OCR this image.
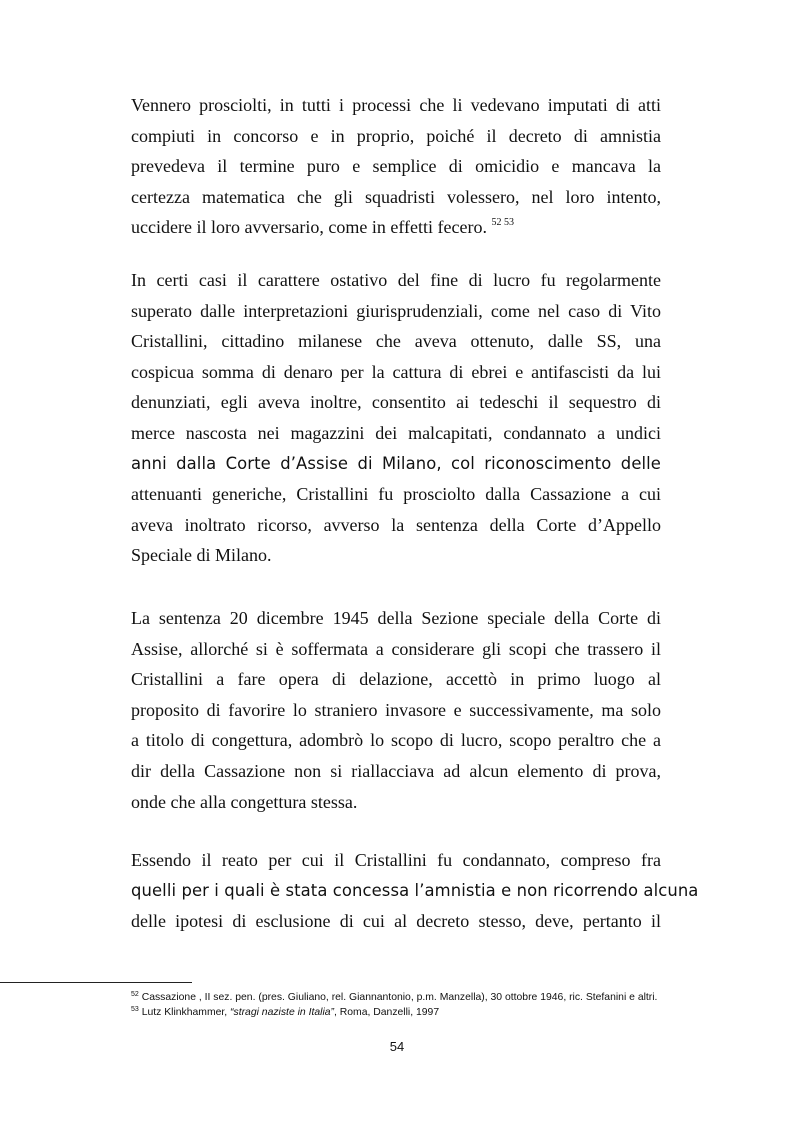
Vennero prosciolti, in tutti i processi che li vedevano imputati di atti
compiuti in concorso e in proprio, poiché il decreto di amnistia
prevedeva il termine puro e semplice di omicidio e mancava la
certezza matematica che gli squadristi volessero, nel loro intento,
uccidere il loro avversario, come in effetti fecero. $^{52 53}$
In certi casi il carattere ostativo del fine di lucro fu regolarmente
superato dalle interpretazioni giurisprudenziali, come nel caso di Vito
Cristallini, cittadino milanese che aveva ottenuto, dalle SS, una
cospicua somma di denaro per la cattura di ebrei e antifascisti da lui
denunziati, egli aveva inoltre, consentito ai tedeschi il sequestro di
merce nascosta nei magazzini dei malcapitati, condannato a undici
anni dalla Corte d’Assise di Milano, col riconoscimento delle
attenuanti generiche, Cristallini fu prosciolto dalla Cassazione a cui
aveva inoltrato ricorso, avverso la sentenza della Corte d’Appello
Speciale di Milano.
La sentenza 20 dicembre 1945 della Sezione speciale della Corte di
Assise, allorché si è soffermata a considerare gli scopi che trassero il
Cristallini a fare opera di delazione, accettò in primo luogo al
proposito di favorire lo straniero invasore e successivamente, ma solo
a titolo di congettura, adombrò lo scopo di lucro, scopo peraltro che a
dir della Cassazione non si riallacciava ad alcun elemento di prova,
onde che alla congettura stessa.
Essendo il reato per cui il Cristallini fu condannato, compreso fra
quelli per i quali è stata concessa l’amnistia e non ricorrendo alcuna
delle ipotesi di esclusione di cui al decreto stesso, deve, pertanto il

$^{52}$ Cassazione , II sez. pen. (pres. Giuliano, rel. Giannantonio, p.m. Manzella), 30 ottobre 1946, ric. Stefanini e altri.

$^{53}$ Lutz Klinkhammer, “stragi naziste in Italia”, Roma, Danzelli, 1997

54
